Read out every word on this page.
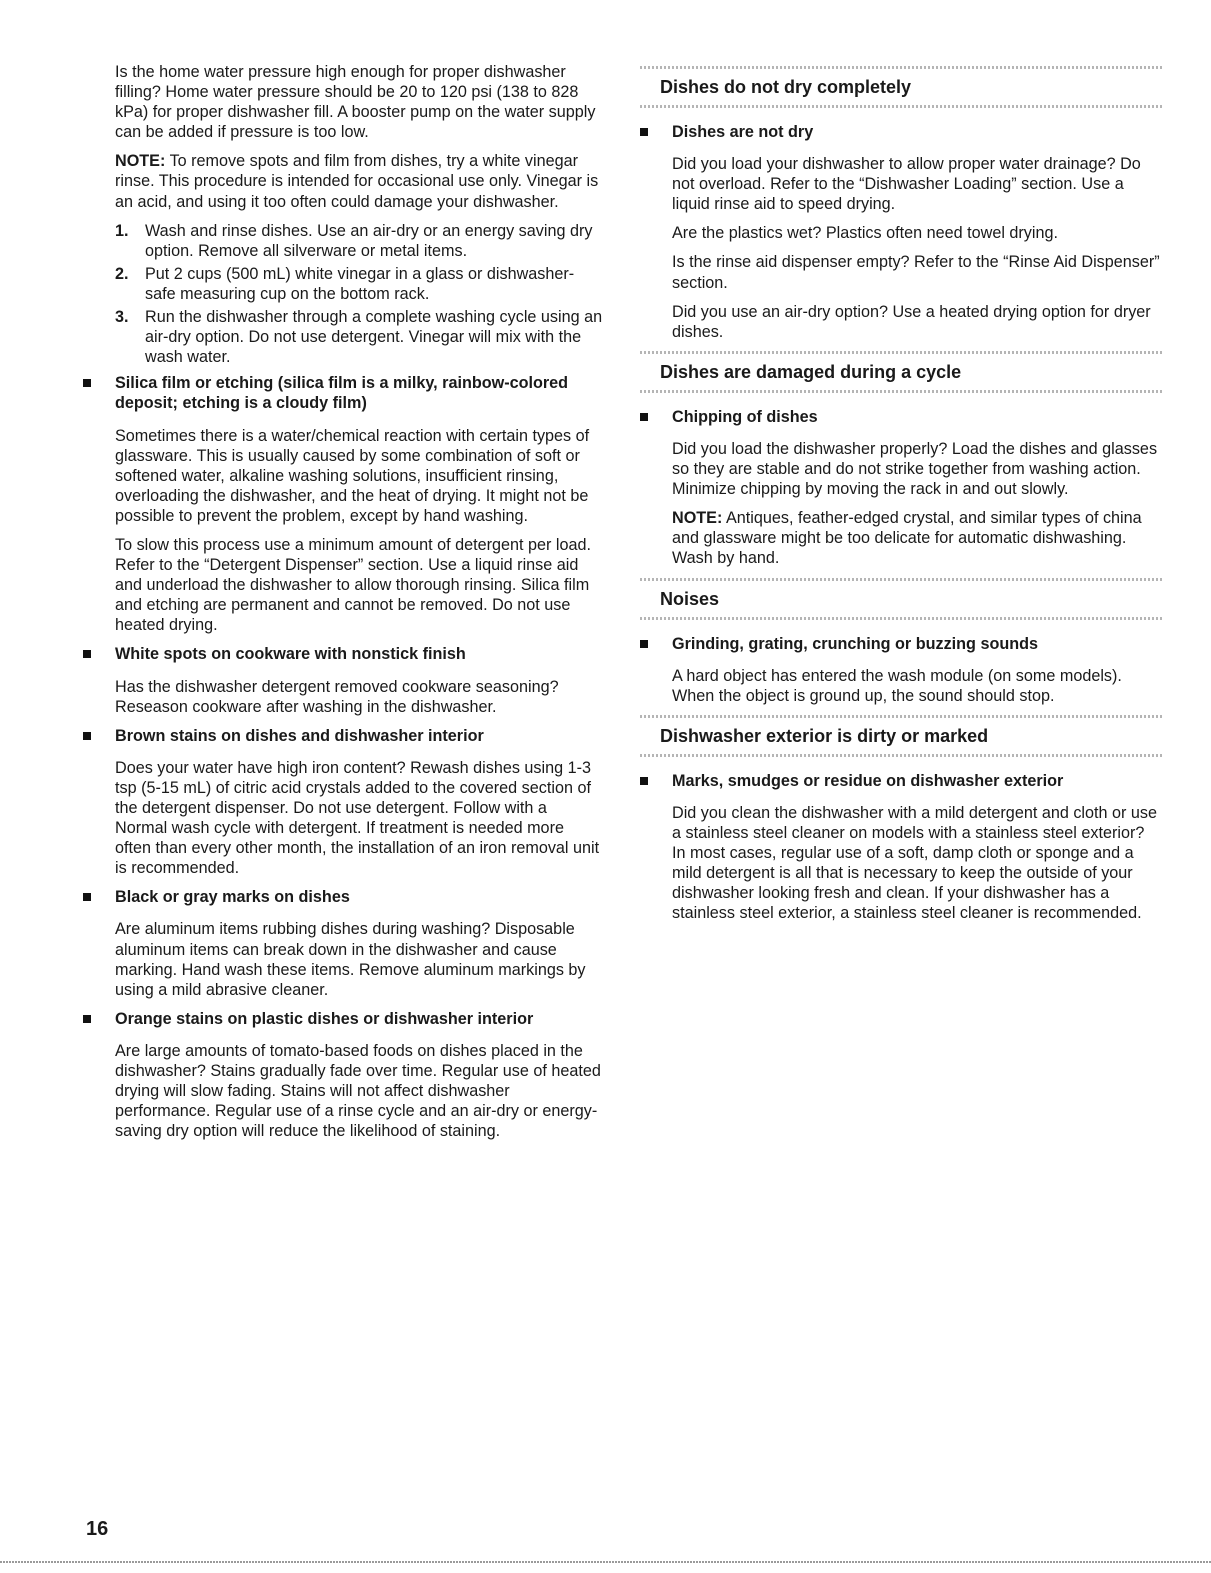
Is the home water pressure high enough for proper dishwasher filling? Home water pressure should be 20 to 120 psi (138 to 828 kPa) for proper dishwasher fill. A booster pump on the water supply can be added if pressure is too low.

NOTE: To remove spots and film from dishes, try a white vinegar rinse. This procedure is intended for occasional use only. Vinegar is an acid, and using it too often could damage your dishwasher.

1. Wash and rinse dishes. Use an air-dry or an energy saving dry option. Remove all silverware or metal items.
2. Put 2 cups (500 mL) white vinegar in a glass or dishwasher-safe measuring cup on the bottom rack.
3. Run the dishwasher through a complete washing cycle using an air-dry option. Do not use detergent. Vinegar will mix with the wash water.
Silica film or etching (silica film is a milky, rainbow-colored deposit; etching is a cloudy film)

Sometimes there is a water/chemical reaction with certain types of glassware. This is usually caused by some combination of soft or softened water, alkaline washing solutions, insufficient rinsing, overloading the dishwasher, and the heat of drying. It might not be possible to prevent the problem, except by hand washing.

To slow this process use a minimum amount of detergent per load. Refer to the “Detergent Dispenser” section. Use a liquid rinse aid and underload the dishwasher to allow thorough rinsing. Silica film and etching are permanent and cannot be removed. Do not use heated drying.

White spots on cookware with nonstick finish

Has the dishwasher detergent removed cookware seasoning? Reseason cookware after washing in the dishwasher.

Brown stains on dishes and dishwasher interior

Does your water have high iron content? Rewash dishes using 1-3 tsp (5-15 mL) of citric acid crystals added to the covered section of the detergent dispenser. Do not use detergent. Follow with a Normal wash cycle with detergent. If treatment is needed more often than every other month, the installation of an iron removal unit is recommended.

Black or gray marks on dishes

Are aluminum items rubbing dishes during washing? Disposable aluminum items can break down in the dishwasher and cause marking. Hand wash these items. Remove aluminum markings by using a mild abrasive cleaner.

Orange stains on plastic dishes or dishwasher interior

Are large amounts of tomato-based foods on dishes placed in the dishwasher? Stains gradually fade over time. Regular use of heated drying will slow fading. Stains will not affect dishwasher performance. Regular use of a rinse cycle and an air-dry or energy-saving dry option will reduce the likelihood of staining.

Dishes do not dry completely
Dishes are not dry

Did you load your dishwasher to allow proper water drainage? Do not overload. Refer to the “Dishwasher Loading” section. Use a liquid rinse aid to speed drying.

Are the plastics wet? Plastics often need towel drying.

Is the rinse aid dispenser empty? Refer to the “Rinse Aid Dispenser” section.

Did you use an air-dry option? Use a heated drying option for dryer dishes.

Dishes are damaged during a cycle
Chipping of dishes

Did you load the dishwasher properly? Load the dishes and glasses so they are stable and do not strike together from washing action. Minimize chipping by moving the rack in and out slowly.

NOTE: Antiques, feather-edged crystal, and similar types of china and glassware might be too delicate for automatic dishwashing. Wash by hand.

Noises
Grinding, grating, crunching or buzzing sounds

A hard object has entered the wash module (on some models). When the object is ground up, the sound should stop.

Dishwasher exterior is dirty or marked
Marks, smudges or residue on dishwasher exterior

Did you clean the dishwasher with a mild detergent and cloth or use a stainless steel cleaner on models with a stainless steel exterior? In most cases, regular use of a soft, damp cloth or sponge and a mild detergent is all that is necessary to keep the outside of your dishwasher looking fresh and clean. If your dishwasher has a stainless steel exterior, a stainless steel cleaner is recommended.

16
